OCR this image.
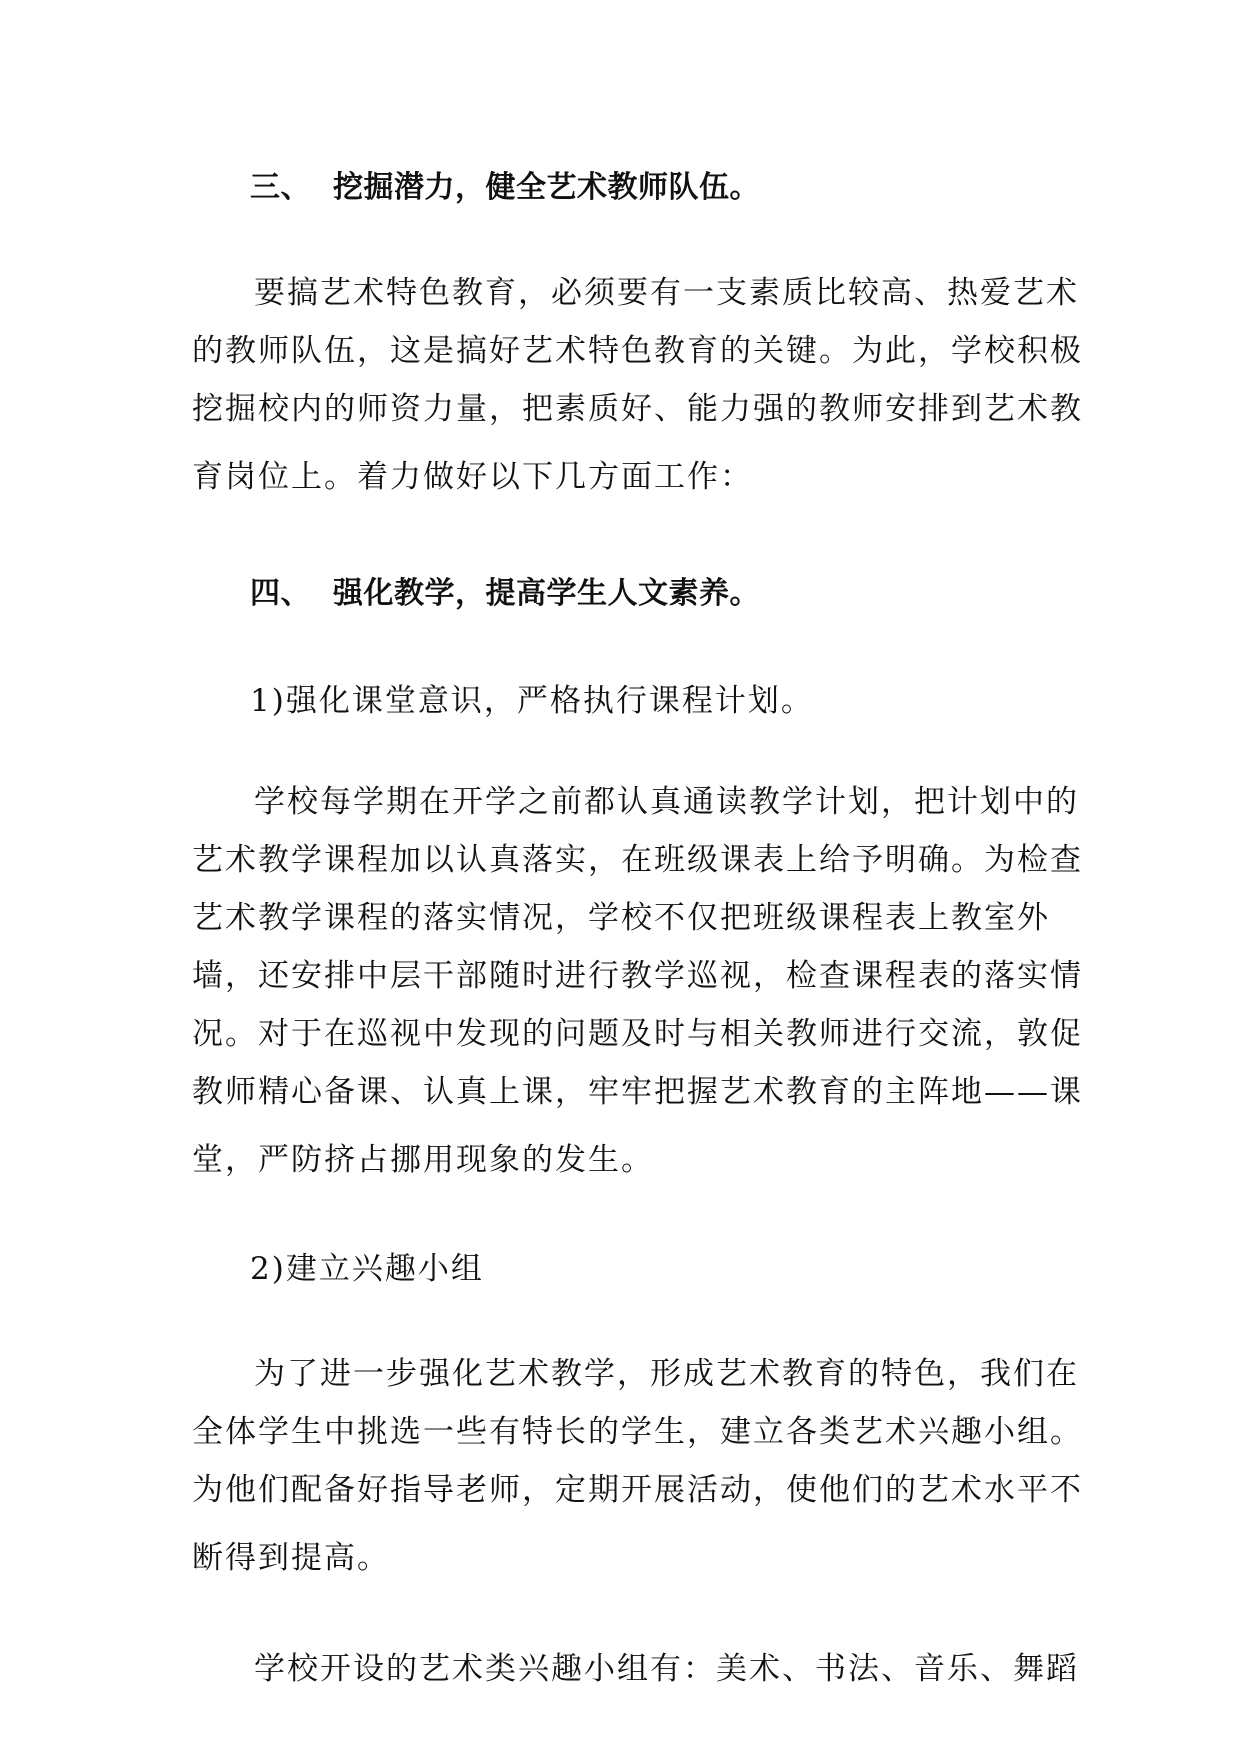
三、 挖掘潜力，健全艺术教师队伍。
要搞艺术特色教育，必须要有一支素质比较高、热爱艺术
的教师队伍，这是搞好艺术特色教育的关键。为此，学校积极
挖掘校内的师资力量，把素质好、能力强的教师安排到艺术教
育岗位上。着力做好以下几方面工作：
四、 强化教学，提高学生人文素养。
1)强化课堂意识，严格执行课程计划。
学校每学期在开学之前都认真通读教学计划，把计划中的
艺术教学课程加以认真落实，在班级课表上给予明确。为检查
艺术教学课程的落实情况，学校不仅把班级课程表上教室外
墙，还安排中层干部随时进行教学巡视，检查课程表的落实情
况。对于在巡视中发现的问题及时与相关教师进行交流，敦促
教师精心备课、认真上课，牢牢把握艺术教育的主阵地——课
堂，严防挤占挪用现象的发生。
2)建立兴趣小组
为了进一步强化艺术教学，形成艺术教育的特色，我们在
全体学生中挑选一些有特长的学生，建立各类艺术兴趣小组。
为他们配备好指导老师，定期开展活动，使他们的艺术水平不
断得到提高。
学校开设的艺术类兴趣小组有：美术、书法、音乐、舞蹈
